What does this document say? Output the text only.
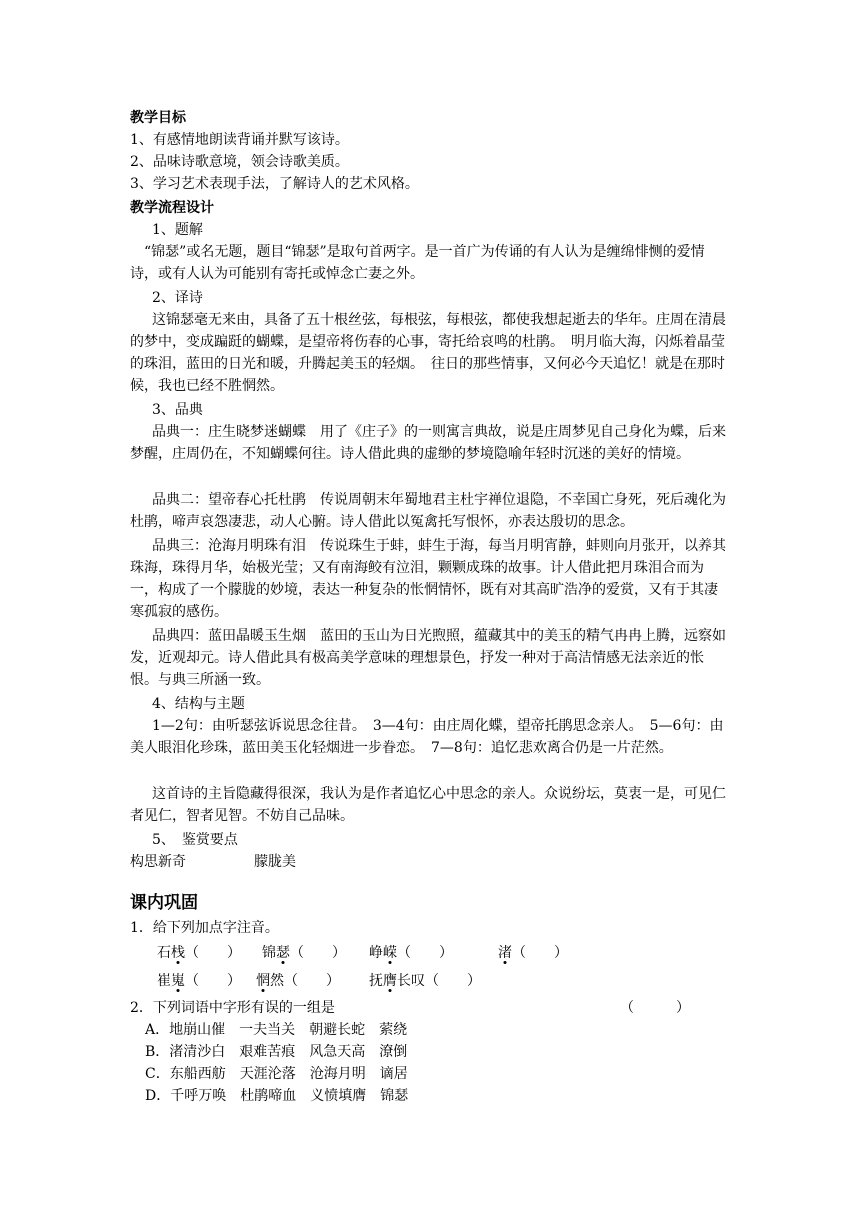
教学目标
1、有感情地朗读背诵并默写该诗。
2、品味诗歌意境，领会诗歌美质。
3、学习艺术表现手法，了解诗人的艺术风格。
教学流程设计
1、题解
“锦瑟”或名无题，题目“锦瑟”是取句首两字。是一首广为传诵的有人认为是缠绵悱恻的爱情诗，或有人认为可能别有寄托或悼念亡妻之外。
2、译诗
这锦瑟毫无来由，具备了五十根丝弦，每根弦，每根弦，都使我想起逝去的华年。庄周在清晨的梦中，变成蹁跹的蝴蝶，是望帝将伤春的心事，寄托给哀鸣的杜鹃。　明月临大海，闪烁着晶莹的珠泪，蓝田的日光和暖，升腾起美玉的轻烟。　往日的那些情事，又何必今天追忆！就是在那时候，我也已经不胜惘然。
3、品典
品典一：庄生晓梦迷蝴蝶　用了《庄子》的一则寓言典故，说是庄周梦见自己身化为蝶，后来梦醒，庄周仍在，不知蝴蝶何往。诗人借此典的虚缈的梦境隐喻年轻时沉迷的美好的情境。
品典二：望帝春心托杜鹃　传说周朝末年蜀地君主杜宇禅位退隐，不幸国亡身死，死后魂化为杜鹃，啼声哀怨凄悲，动人心腑。诗人借此以冤禽托写恨怀，亦表达殷切的思念。
品典三：沧海月明珠有泪　传说珠生于蚌，蚌生于海，每当月明宵静，蚌则向月张开，以养其珠海，珠得月华，始极光莹；又有南海鲛有泣泪，颗颗成珠的故事。计人借此把月珠泪合而为一，构成了一个朦胧的妙境，表达一种复杂的怅惘情怀，既有对其高旷浩净的爱赏，又有于其凄寒孤寂的感伤。
品典四：蓝田晶暖玉生烟　蓝田的玉山为日光煦照，蕴藏其中的美玉的精气冉冉上腾，远察如发，近观却元。诗人借此具有极高美学意味的理想景色，抒发一种对于高洁情感无法亲近的怅恨。与典三所涵一致。
4、结构与主题
1—2句：由听瑟弦诉说思念往昔。　3—4句：由庄周化蝶，望帝托鹃思念亲人。　5—6句：由美人眼泪化珍珠，蓝田美玉化轻烟进一步眷恋。　7—8句：追忆悲欢离合仍是一片茫然。
这首诗的主旨隐藏得很深，我认为是作者追忆心中思念的亲人。众说纷坛，莫衷一是，可见仁者见仁，智者见智。不妨自己品味。
5、　鉴赏要点
构思新奇	朦胧美
课内巩固
1．给下列加点字注音。
石栈（　　） 锦瑟（　　） 峥嵘（　　）	渚（　　）
崔嵬（　　） 惘然（　　） 抚膺长叹（　　）
2．下列词语中字形有误的一组是	（　　　）
A．地崩山催　一夫当关　朝避长蛇　萦绕
B．渚清沙白　艰难苦痕　风急天高　潦倒
C．东船西舫　天涯沦落　沧海月明　谪居
D．千呼万唤　杜鹃啼血　义愤填膺　锦瑟
